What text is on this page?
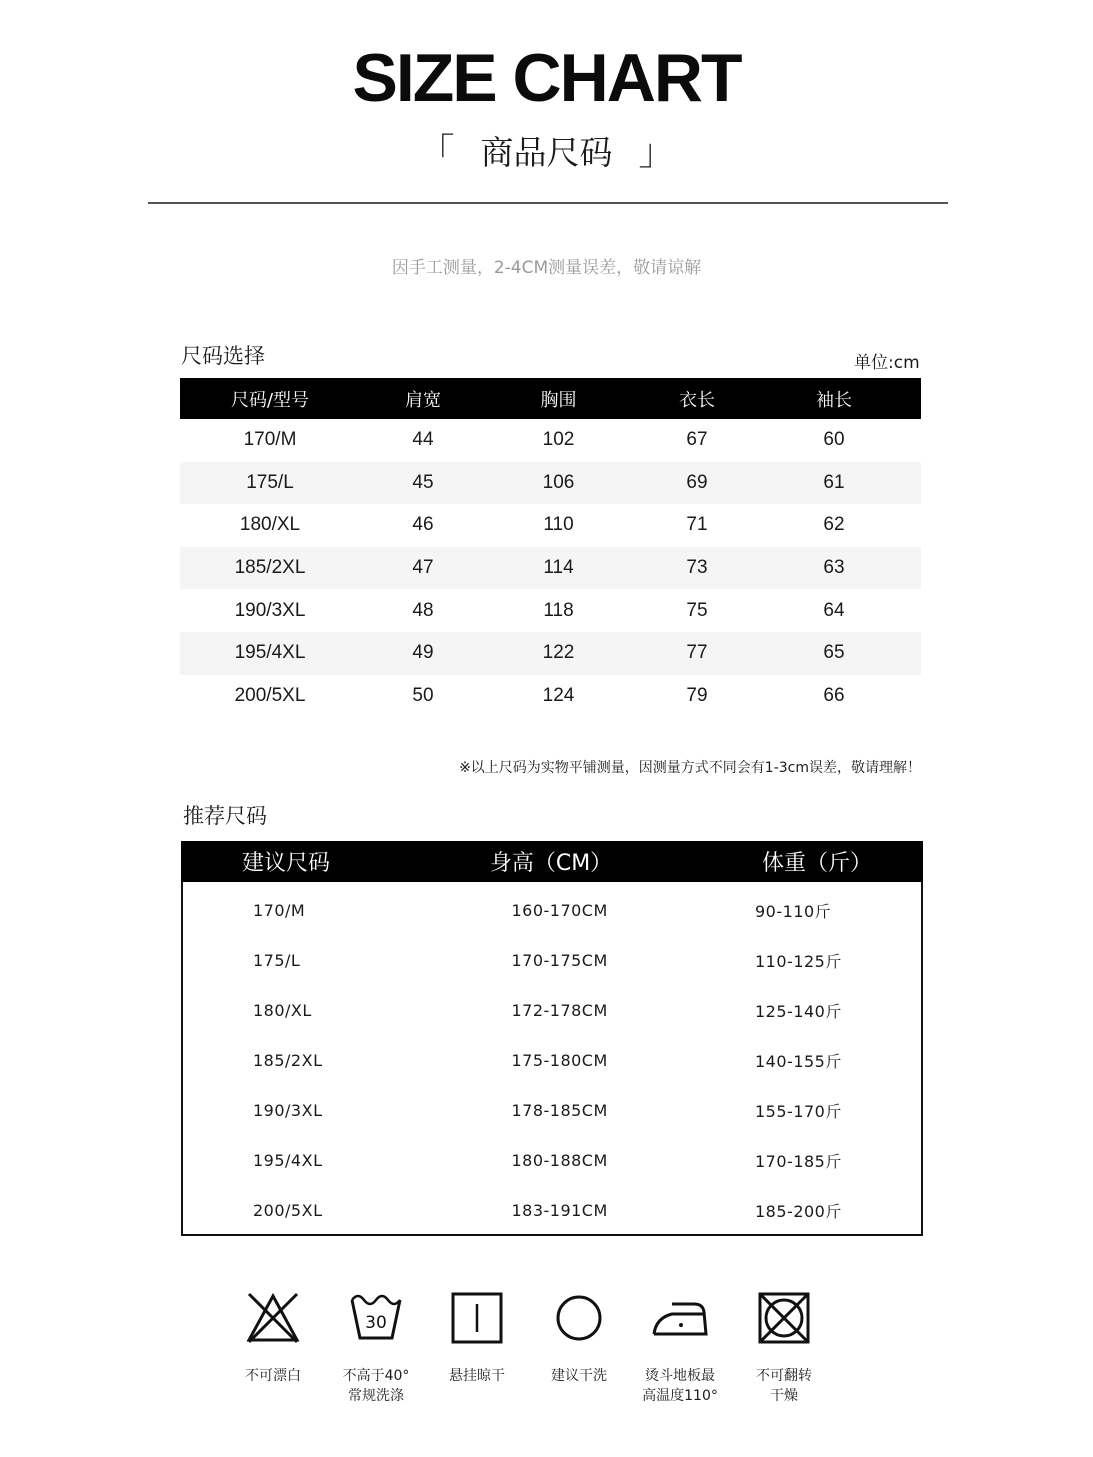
SIZE CHART
「 商品尺码 」
因手工测量，2-4CM测量误差，敬请谅解
尺码选择	单位:cm
尺码/型号	肩宽	胸围	衣长	袖长
170/M	44	102	67	60
175/L	45	106	69	61
180/XL	46	110	71	62
185/2XL	47	114	73	63
190/3XL	48	118	75	64
195/4XL	49	122	77	65
200/5XL	50	124	79	66
※以上尺码为实物平铺测量，因测量方式不同会有1-3cm误差，敬请理解！
推荐尺码
建议尺码	身高（CM）	体重（斤）
170/M	160-170CM	90-110斤
175/L	170-175CM	110-125斤
180/XL	172-178CM	125-140斤
185/2XL	175-180CM	140-155斤
190/3XL	178-185CM	155-170斤
195/4XL	180-188CM	170-185斤
200/5XL	183-191CM	185-200斤
不可漂白
30
不高于40°
常规洗涤
悬挂晾干	建议干洗	烫斗地板最
高温度110°
不可翻转
干燥
